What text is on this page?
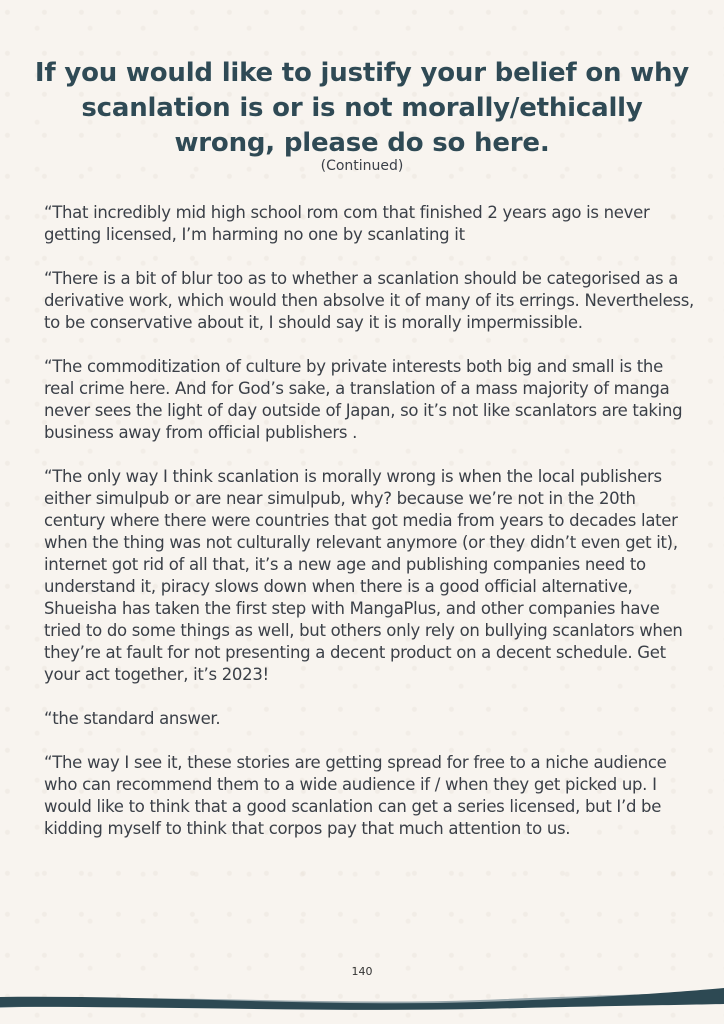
If you would like to justify your belief on why scanlation is or is not morally/ethically wrong, please do so here.
(Continued)

“That incredibly mid high school rom com that finished 2 years ago is never getting licensed, I’m harming no one by scanlating it

“There is a bit of blur too as to whether a scanlation should be categorised as a derivative work, which would then absolve it of many of its errings. Nevertheless, to be conservative about it, I should say it is morally impermissible.

“The commoditization of culture by private interests both big and small is the real crime here. And for God’s sake, a translation of a mass majority of manga never sees the light of day outside of Japan, so it’s not like scanlators are taking business away from official publishers .

“The only way I think scanlation is morally wrong is when the local publishers either simulpub or are near simulpub, why? because we’re not in the 20th century where there were countries that got media from years to decades later when the thing was not culturally relevant anymore (or they didn’t even get it), internet got rid of all that, it’s a new age and publishing companies need to understand it, piracy slows down when there is a good official alternative, Shueisha has taken the first step with MangaPlus, and other companies have tried to do some things as well, but others only rely on bullying scanlators when they’re at fault for not presenting a decent product on a decent schedule. Get your act together, it’s 2023!

“the standard answer.

“The way I see it, these stories are getting spread for free to a niche audience who can recommend them to a wide audience if / when they get picked up. I would like to think that a good scanlation can get a series licensed, but I’d be kidding myself to think that corpos pay that much attention to us.

140
